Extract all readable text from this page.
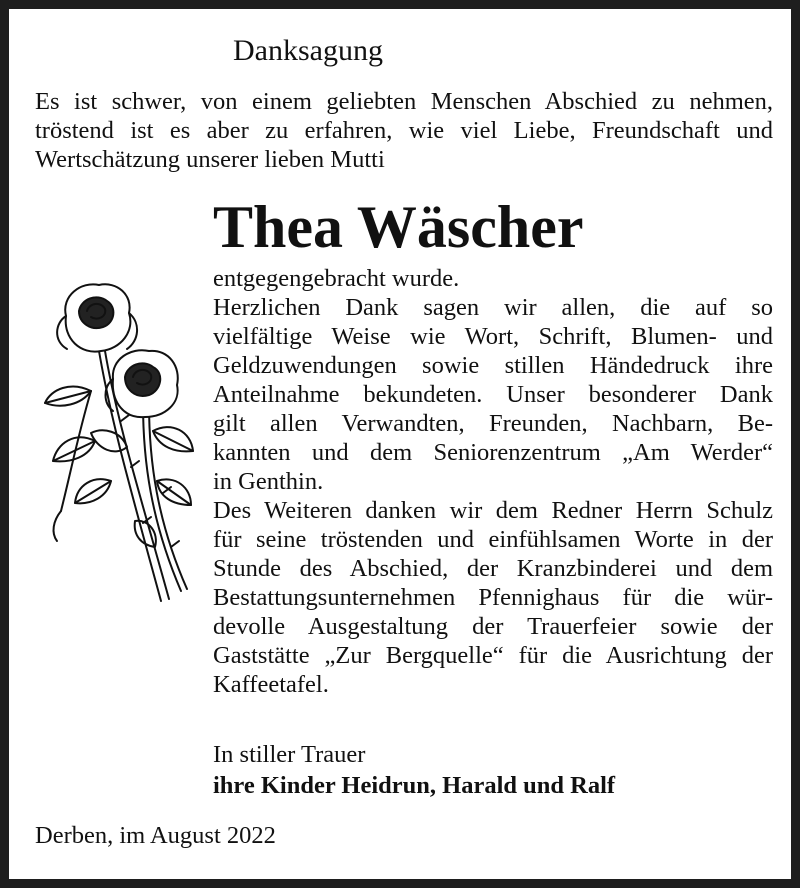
Danksagung
Es ist schwer, von einem geliebten Menschen Abschied zu nehmen,
tröstend ist es aber zu erfahren, wie viel Liebe, Freundschaft und
Wertschätzung unserer lieben Mutti
Thea Wäscher
entgegengebracht wurde.
Herzlichen Dank sagen wir allen, die auf so
vielfältige Weise wie Wort, Schrift, Blumen- und
Geldzuwendungen sowie stillen Händedruck ihre
Anteilnahme bekundeten. Unser besonderer Dank
gilt allen Verwandten, Freunden, Nachbarn, Be-
kannten und dem Seniorenzentrum „Am Werder“
in Genthin.
Des Weiteren danken wir dem Redner Herrn Schulz
für seine tröstenden und einfühlsamen Worte in der
Stunde des Abschied, der Kranzbinderei und dem
Bestattungsunternehmen Pfennighaus für die wür-
devolle Ausgestaltung der Trauerfeier sowie der
Gaststätte „Zur Bergquelle“ für die Ausrichtung der
Kaffeetafel.
In stiller Trauer
ihre Kinder Heidrun, Harald und Ralf
Derben, im August 2022
